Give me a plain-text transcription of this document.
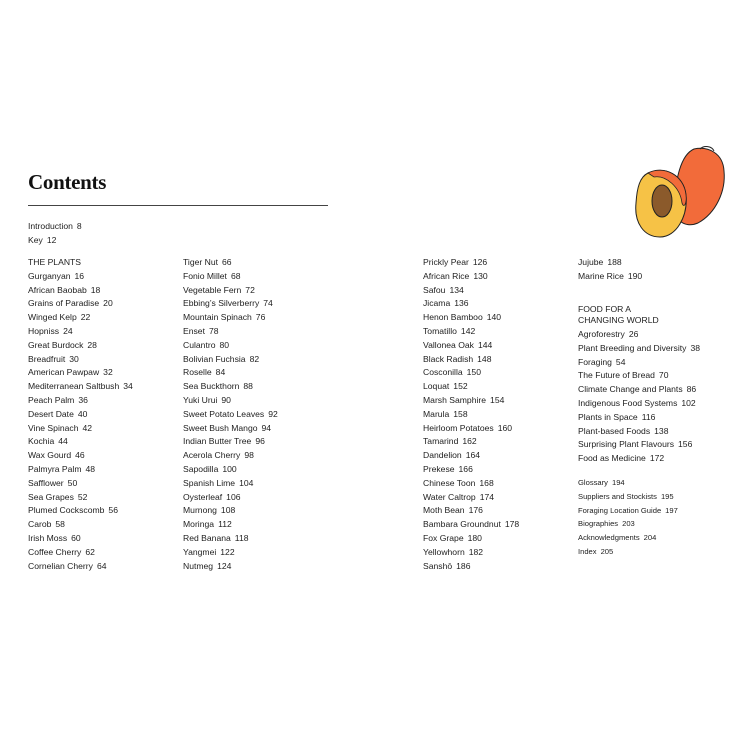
Contents
Introduction 8
Key 12
THE PLANTS
Gurganyan 16
African Baobab 18
Grains of Paradise 20
Winged Kelp 22
Hopniss 24
Great Burdock 28
Breadfruit 30
American Pawpaw 32
Mediterranean Saltbush 34
Peach Palm 36
Desert Date 40
Vine Spinach 42
Kochia 44
Wax Gourd 46
Palmyra Palm 48
Safflower 50
Sea Grapes 52
Plumed Cockscomb 56
Carob 58
Irish Moss 60
Coffee Cherry 62
Cornelian Cherry 64
Tiger Nut 66
Fonio Millet 68
Vegetable Fern 72
Ebbing’s Silverberry 74
Mountain Spinach 76
Enset 78
Culantro 80
Bolivian Fuchsia 82
Roselle 84
Sea Buckthorn 88
Yuki Urui 90
Sweet Potato Leaves 92
Sweet Bush Mango 94
Indian Butter Tree 96
Acerola Cherry 98
Sapodilla 100
Spanish Lime 104
Oysterleaf 106
Murnong 108
Moringa 112
Red Banana 118
Yangmei 122
Nutmeg 124
Prickly Pear 126
African Rice 130
Safou 134
Jicama 136
Henon Bamboo 140
Tomatillo 142
Vallonea Oak 144
Black Radish 148
Cosconilla 150
Loquat 152
Marsh Samphire 154
Marula 158
Heirloom Potatoes 160
Tamarind 162
Dandelion 164
Prekese 166
Chinese Toon 168
Water Caltrop 174
Moth Bean 176
Bambara Groundnut 178
Fox Grape 180
Yellowhorn 182
Sanshō 186
Jujube 188
Marine Rice 190
FOOD FOR A
CHANGING WORLD
Agroforestry 26
Plant Breeding and Diversity 38
Foraging 54
The Future of Bread 70
Climate Change and Plants 86
Indigenous Food Systems 102
Plants in Space 116
Plant-based Foods 138
Surprising Plant Flavours 156
Food as Medicine 172
Glossary 194
Suppliers and Stockists 195
Foraging Location Guide 197
Biographies 203
Acknowledgments 204
Index 205
